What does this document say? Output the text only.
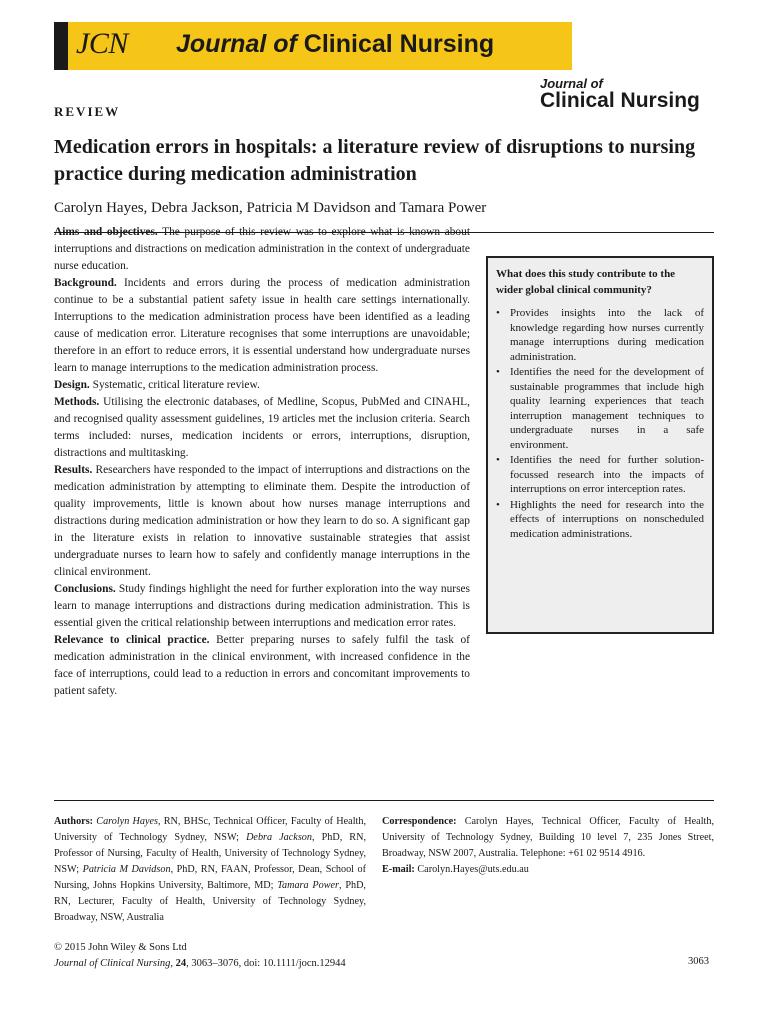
JCN Journal of Clinical Nursing
Journal of
Clinical Nursing
REVIEW
Medication errors in hospitals: a literature review of disruptions to nursing practice during medication administration
Carolyn Hayes, Debra Jackson, Patricia M Davidson and Tamara Power

Aims and objectives. The purpose of this review was to explore what is known about interruptions and distractions on medication administration in the context of undergraduate nurse education.

Background. Incidents and errors during the process of medication administration continue to be a substantial patient safety issue in health care settings internationally. Interruptions to the medication administration process have been identified as a leading cause of medication error. Literature recognises that some interruptions are unavoidable; therefore in an effort to reduce errors, it is essential understand how undergraduate nurses learn to manage interruptions to the medication administration process.

Design. Systematic, critical literature review.

Methods. Utilising the electronic databases, of Medline, Scopus, PubMed and CINAHL, and recognised quality assessment guidelines, 19 articles met the inclusion criteria. Search terms included: nurses, medication incidents or errors, interruptions, disruption, distractions and multitasking.

Results. Researchers have responded to the impact of interruptions and distractions on the medication administration by attempting to eliminate them. Despite the introduction of quality improvements, little is known about how nurses manage interruptions and distractions during medication administration or how they learn to do so. A significant gap in the literature exists in relation to innovative sustainable strategies that assist undergraduate nurses to learn how to safely and confidently manage interruptions in the clinical environment.

Conclusions. Study findings highlight the need for further exploration into the way nurses learn to manage interruptions and distractions during medication administration. This is essential given the critical relationship between interruptions and medication error rates.

Relevance to clinical practice. Better preparing nurses to safely fulfil the task of medication administration in the clinical environment, with increased confidence in the face of interruptions, could lead to a reduction in errors and concomitant improvements to patient safety.

What does this study contribute to the wider global clinical community?

• Provides insights into the lack of knowledge regarding how nurses currently manage interruptions during medication administration.
• Identifies the need for the development of sustainable programmes that include high quality learning experiences that teach interruption management techniques to undergraduate nurses in a safe environment.
• Identifies the need for further solution-focussed research into the impacts of interruptions on error interception rates.
• Highlights the need for research into the effects of interruptions on nonscheduled medication administrations.
Authors: Carolyn Hayes, RN, BHSc, Technical Officer, Faculty of Health, University of Technology Sydney, NSW; Debra Jackson, PhD, RN, Professor of Nursing, Faculty of Health, University of Technology Sydney, NSW; Patricia M Davidson, PhD, RN, FAAN, Professor, Dean, School of Nursing, Johns Hopkins University, Baltimore, MD; Tamara Power, PhD, RN, Lecturer, Faculty of Health, University of Technology Sydney, Broadway, NSW, Australia
Correspondence: Carolyn Hayes, Technical Officer, Faculty of Health, University of Technology Sydney, Building 10 level 7, 235 Jones Street, Broadway, NSW 2007, Australia. Telephone: +61 02 9514 4916.
E-mail: Carolyn.Hayes@uts.edu.au
© 2015 John Wiley & Sons Ltd
Journal of Clinical Nursing, 24, 3063–3076, doi: 10.1111/jocn.12944	3063
